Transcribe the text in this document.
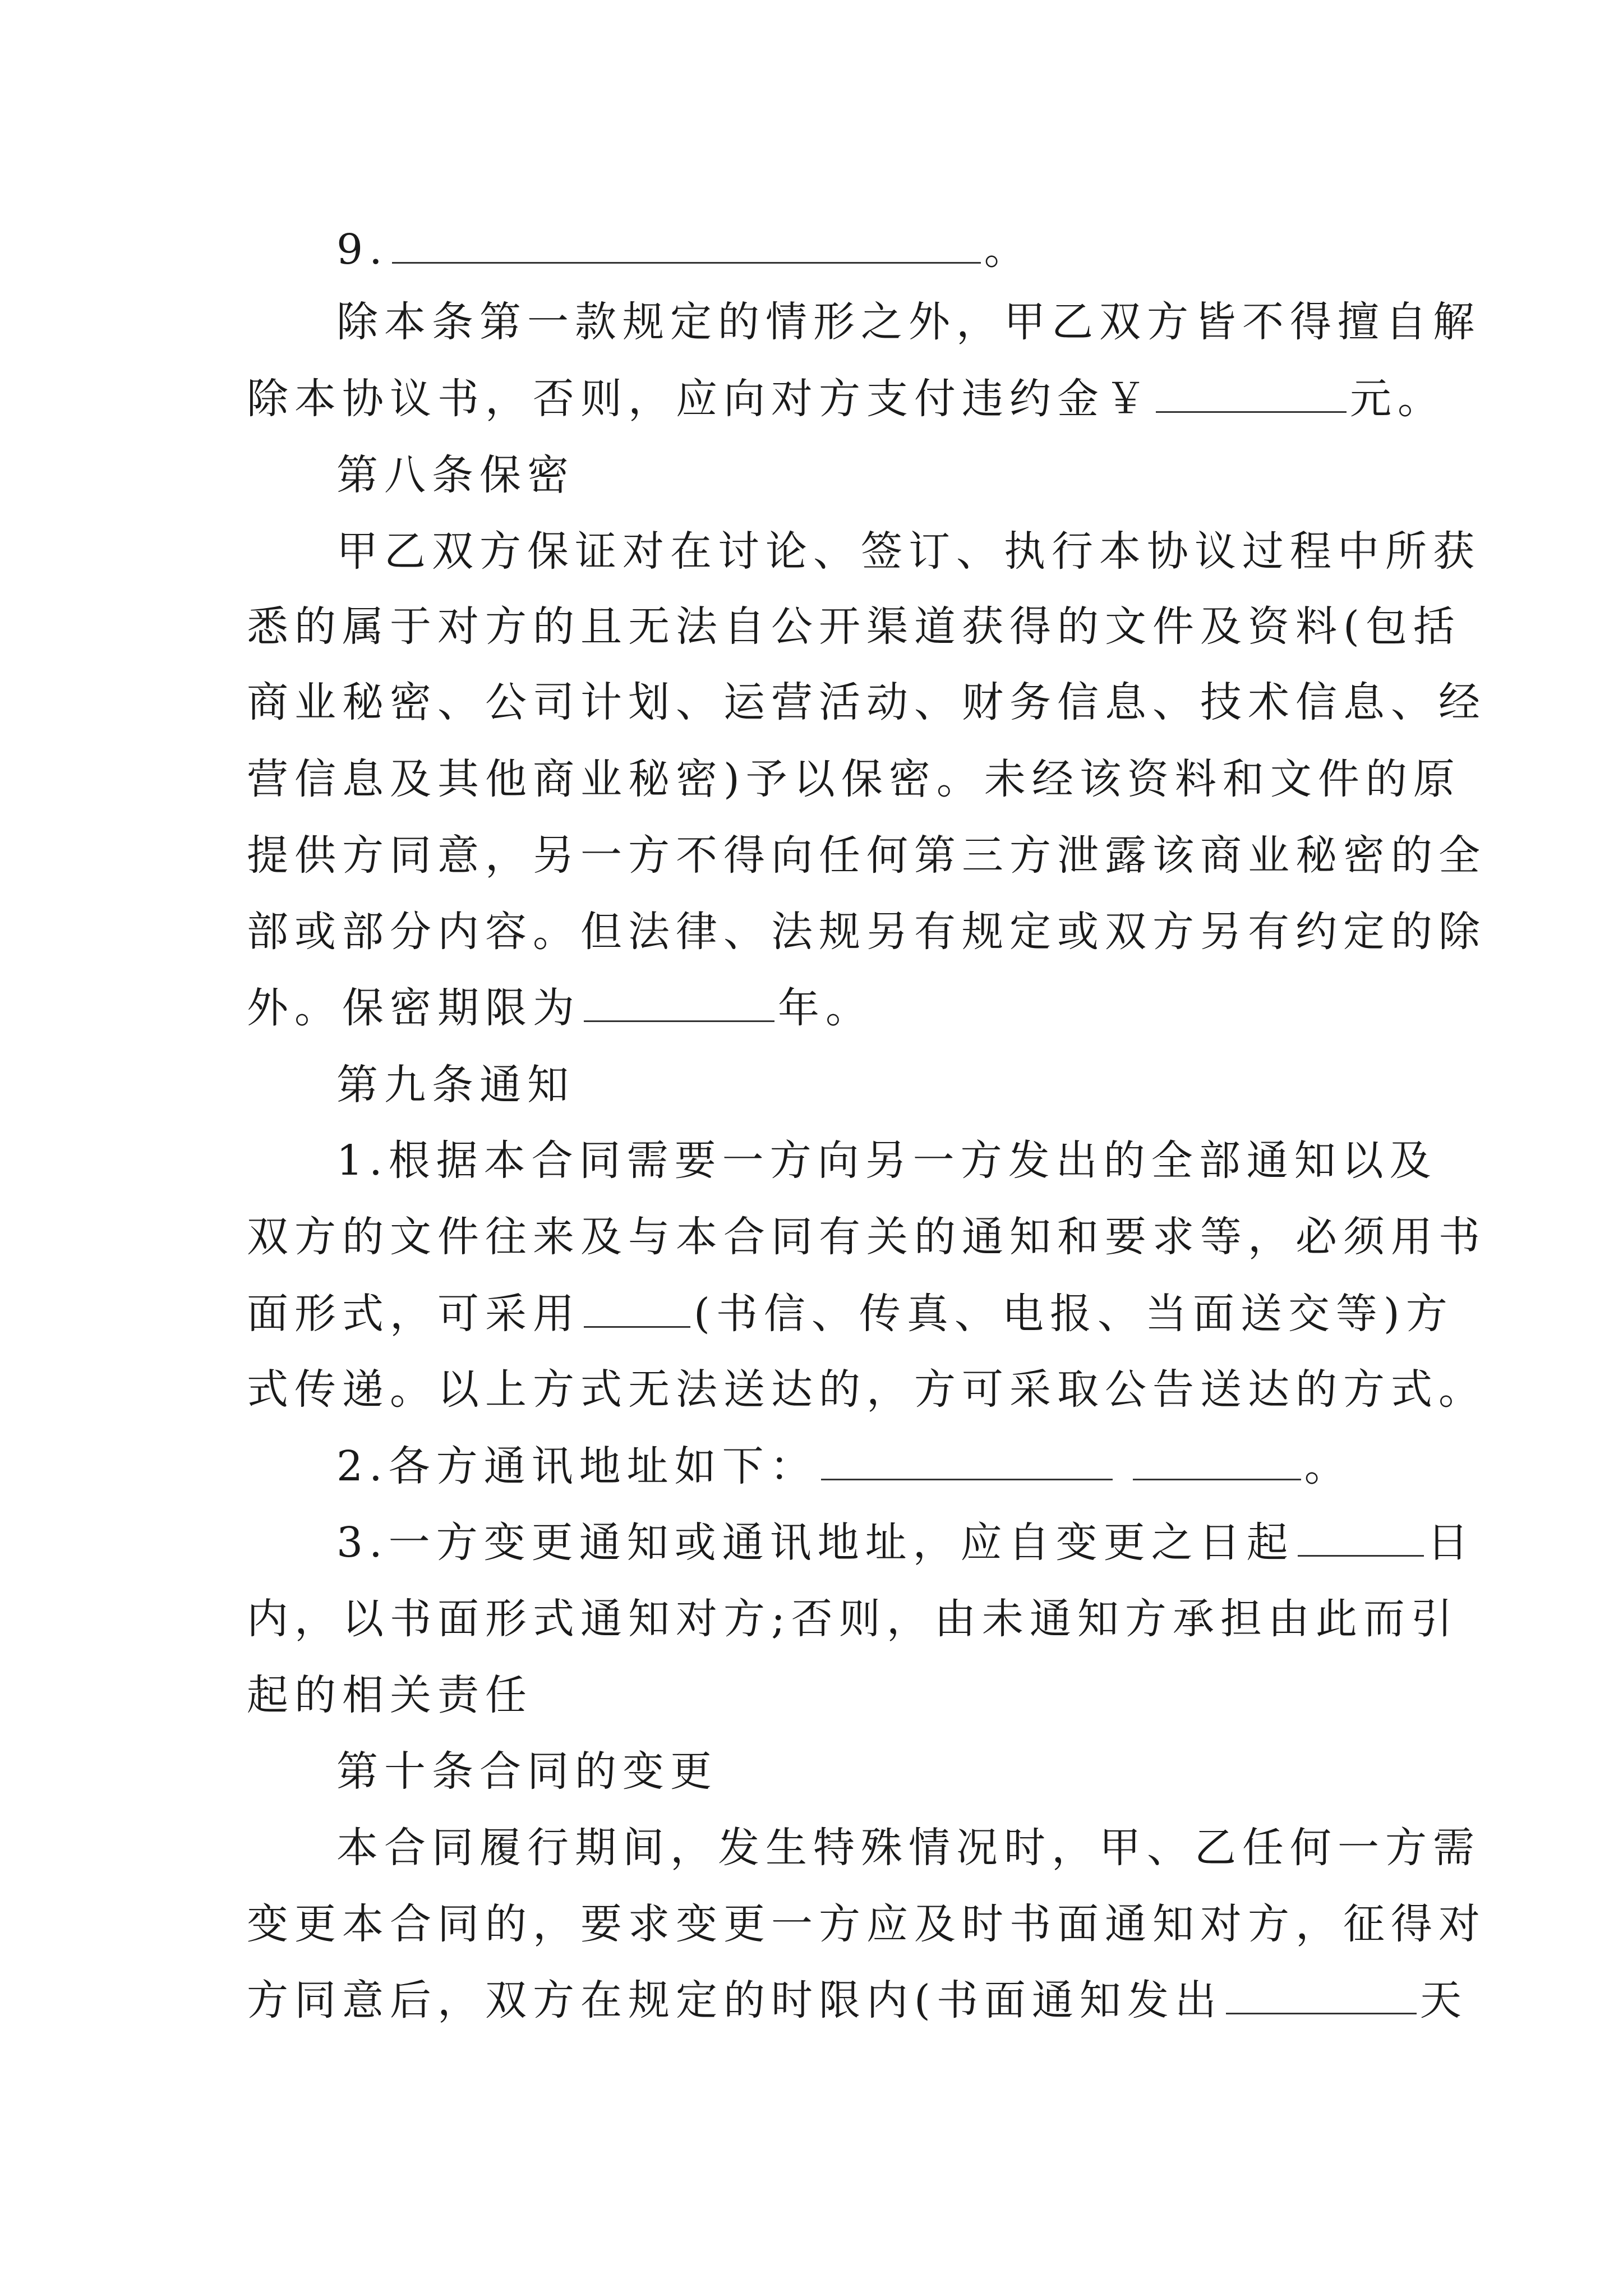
9.	。
除本条第一款规定的情形之外，甲乙双方皆不得擅自解
除本协议书，否则，应向对方支付违约金￥	元。
第八条保密
甲乙双方保证对在讨论、签订、执行本协议过程中所获
悉的属于对方的且无法自公开渠道获得的文件及资料(包括
商业秘密、公司计划、运营活动、财务信息、技术信息、经
营信息及其他商业秘密)予以保密。未经该资料和文件的原
提供方同意，另一方不得向任何第三方泄露该商业秘密的全
部或部分内容。但法律、法规另有规定或双方另有约定的除
外。保密期限为	年。
第九条通知
1.根据本合同需要一方向另一方发出的全部通知以及
双方的文件往来及与本合同有关的通知和要求等，必须用书
面形式，可采用	(书信、传真、电报、当面送交等)方
式传递。以上方式无法送达的，方可采取公告送达的方式。
2.各方通讯地址如下：	。
3.一方变更通知或通讯地址，应自变更之日起	日
内，以书面形式通知对方;否则，由未通知方承担由此而引
起的相关责任
第十条合同的变更
本合同履行期间，发生特殊情况时，甲、乙任何一方需
变更本合同的，要求变更一方应及时书面通知对方，征得对
方同意后，双方在规定的时限内(书面通知发出	天
